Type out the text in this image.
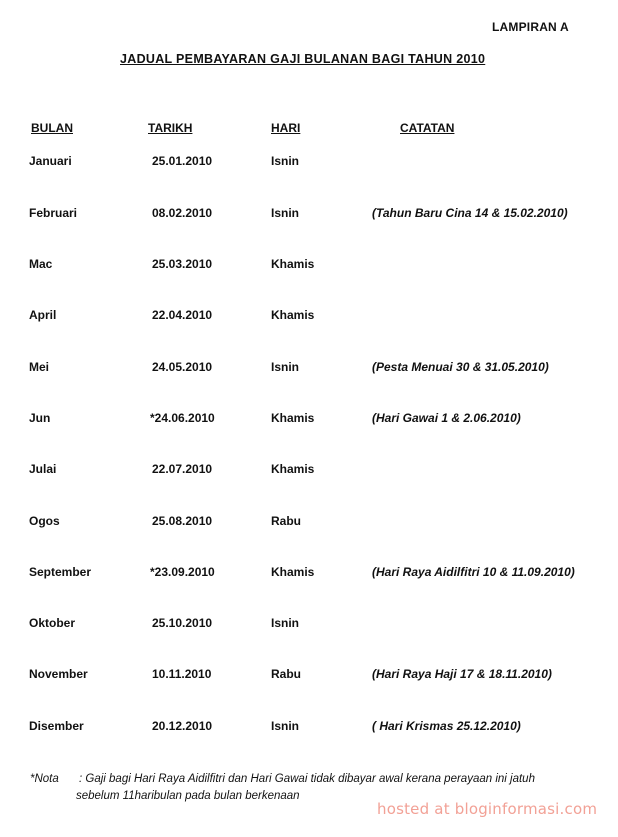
LAMPIRAN A
JADUAL PEMBAYARAN GAJI BULANAN BAGI TAHUN 2010
BULAN	TARIKH	HARI	CATATAN
Januari	25.01.2010	Isnin
Februari	08.02.2010	Isnin	(Tahun Baru Cina 14 & 15.02.2010)
Mac	25.03.2010	Khamis
April	22.04.2010	Khamis
Mei	24.05.2010	Isnin	(Pesta Menuai 30 & 31.05.2010)
Jun	*24.06.2010	Khamis	(Hari Gawai 1 & 2.06.2010)
Julai	22.07.2010	Khamis
Ogos	25.08.2010	Rabu
September	*23.09.2010	Khamis	(Hari Raya Aidilfitri 10 & 11.09.2010)
Oktober	25.10.2010	Isnin
November	10.11.2010	Rabu	(Hari Raya Haji 17 & 18.11.2010)
Disember	20.12.2010	Isnin	( Hari Krismas 25.12.2010)
*Nota : Gaji bagi Hari Raya Aidilfitri dan Hari Gawai tidak dibayar awal kerana perayaan ini jatuh
sebelum 11haribulan pada bulan berkenaan
hosted at bloginformasi.com
